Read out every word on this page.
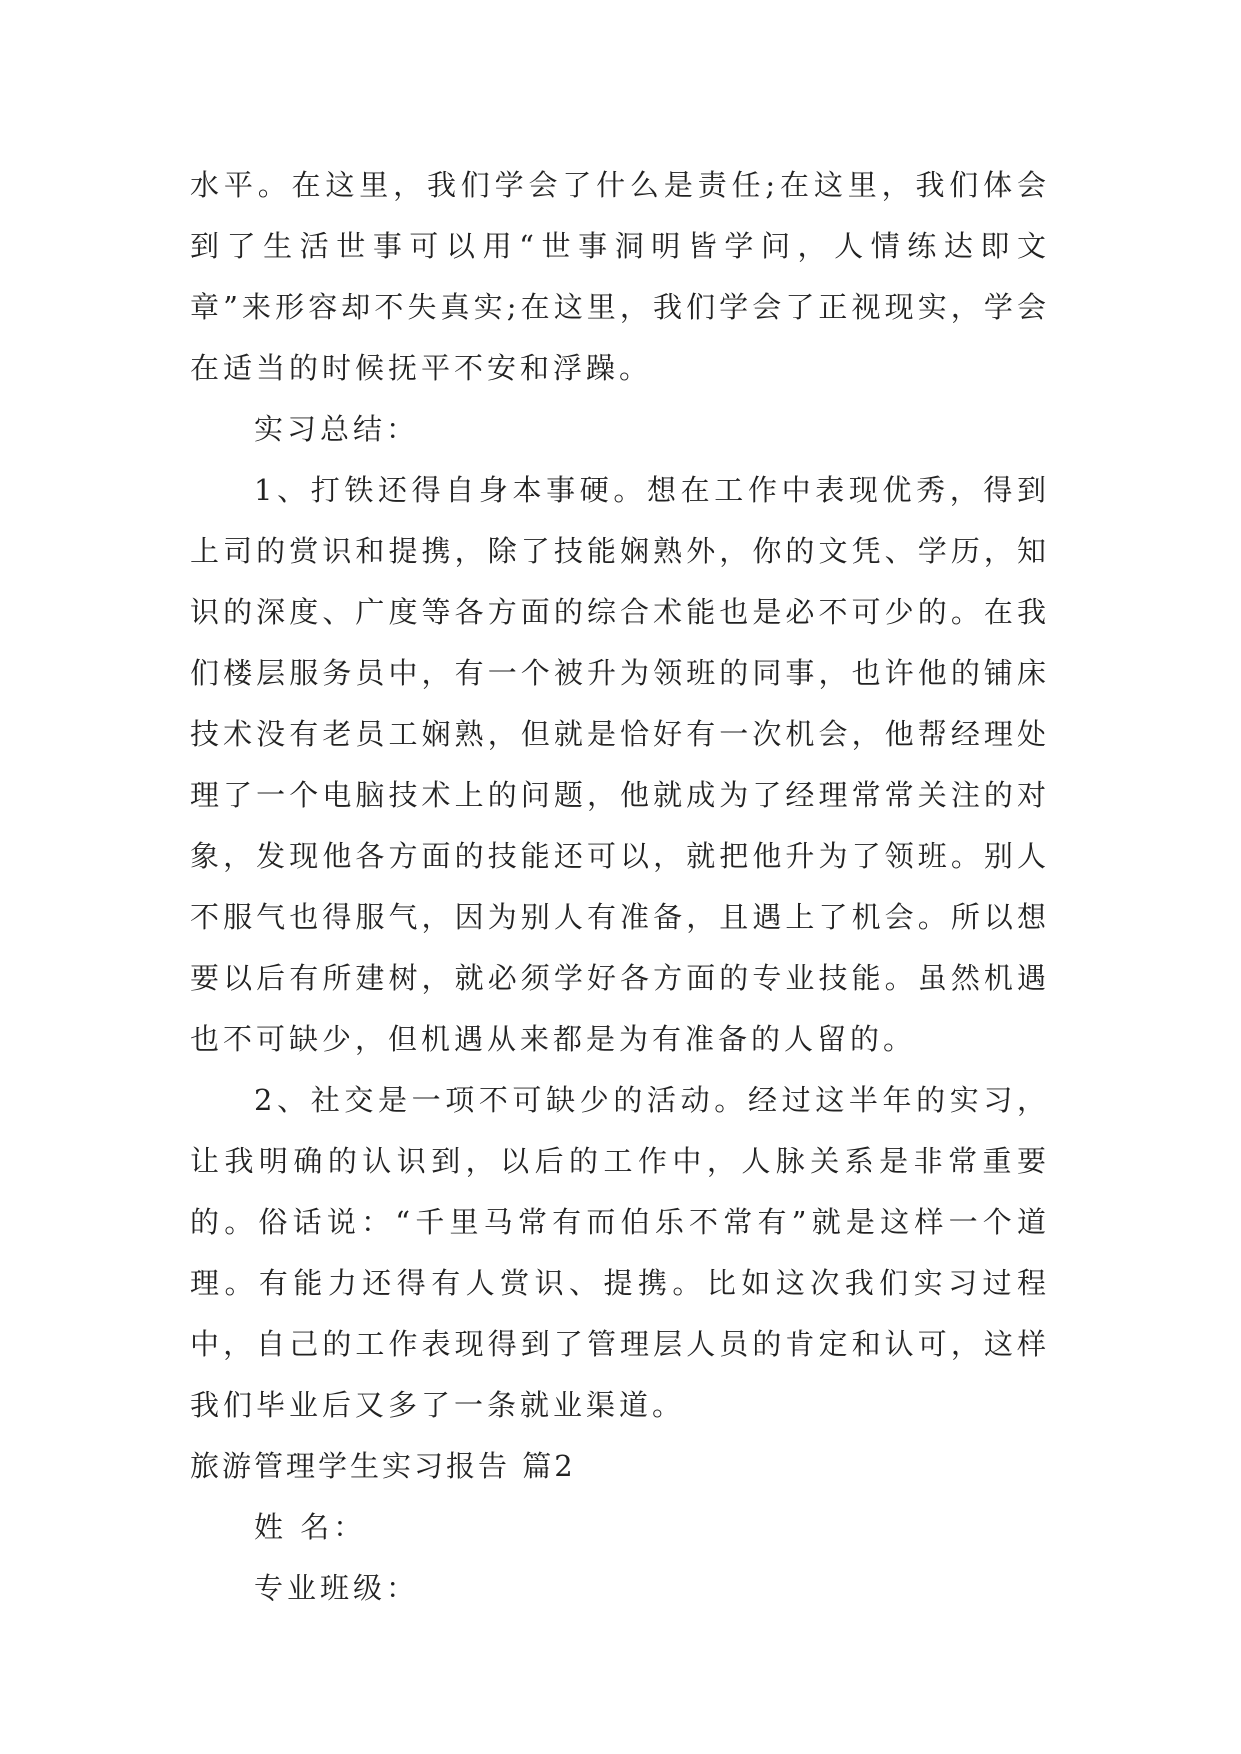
水平。在这里，我们学会了什么是责任;在这里，我们体会到了生活世事可以用“世事洞明皆学问，人情练达即文章”来形容却不失真实;在这里，我们学会了正视现实，学会在适当的时候抚平不安和浮躁。

实习总结：

1、打铁还得自身本事硬。想在工作中表现优秀，得到上司的赏识和提携，除了技能娴熟外，你的文凭、学历，知识的深度、广度等各方面的综合术能也是必不可少的。在我们楼层服务员中，有一个被升为领班的同事，也许他的铺床技术没有老员工娴熟，但就是恰好有一次机会，他帮经理处理了一个电脑技术上的问题，他就成为了经理常常关注的对象，发现他各方面的技能还可以，就把他升为了领班。别人不服气也得服气，因为别人有准备，且遇上了机会。所以想要以后有所建树，就必须学好各方面的专业技能。虽然机遇也不可缺少，但机遇从来都是为有准备的人留的。

2、社交是一项不可缺少的活动。经过这半年的实习，让我明确的认识到，以后的工作中，人脉关系是非常重要的。俗话说：“千里马常有而伯乐不常有”就是这样一个道理。有能力还得有人赏识、提携。比如这次我们实习过程中，自己的工作表现得到了管理层人员的肯定和认可，这样我们毕业后又多了一条就业渠道。

旅游管理学生实习报告 篇2

姓 名：

专业班级：
